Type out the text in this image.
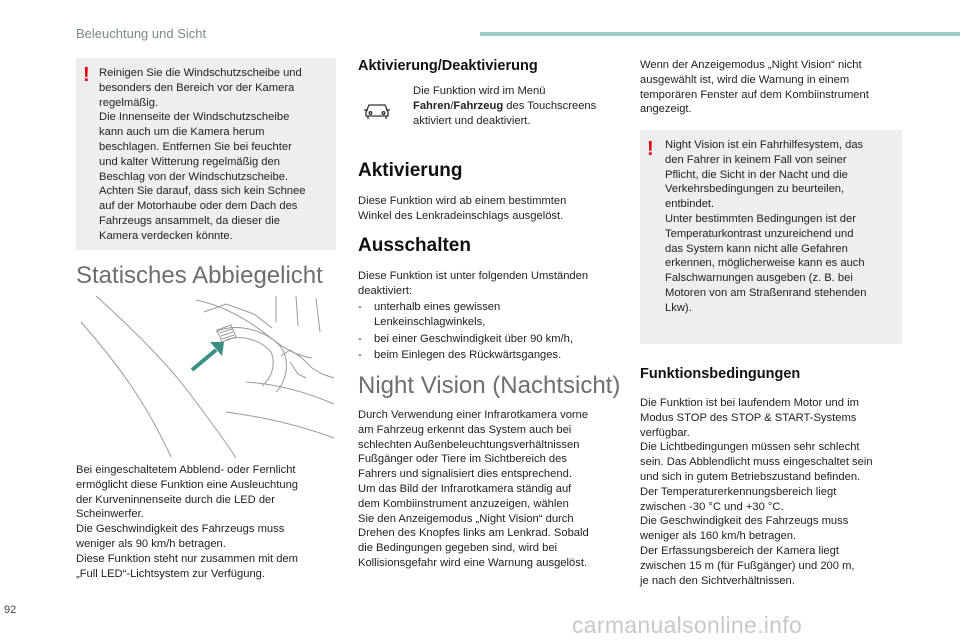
Beleuchtung und Sicht
! Reinigen Sie die Windschutzscheibe und
besonders den Bereich vor der Kamera
regelmäßig.
Die Innenseite der Windschutzscheibe
kann auch um die Kamera herum
beschlagen. Entfernen Sie bei feuchter
und kalter Witterung regelmäßig den
Beschlag von der Windschutzscheibe.
Achten Sie darauf, dass sich kein Schnee
auf der Motorhaube oder dem Dach des
Fahrzeugs ansammelt, da dieser die
Kamera verdecken könnte.

Statisches Abbiegelicht

Bei eingeschaltetem Abblend- oder Fernlicht
ermöglicht diese Funktion eine Ausleuchtung
der Kurveninnenseite durch die LED der
Scheinwerfer.
Die Geschwindigkeit des Fahrzeugs muss
weniger als 90 km/h betragen.
Diese Funktion steht nur zusammen mit dem
„Full LED“-Lichtsystem zur Verfügung.

Aktivierung/Deaktivierung

Die Funktion wird im Menü Fahren/Fahrzeug des Touchscreens
aktiviert und deaktiviert.

Aktivierung

Diese Funktion wird ab einem bestimmten
Winkel des Lenkradeinschlags ausgelöst.

Ausschalten

Diese Funktion ist unter folgenden Umständen
deaktiviert:

- unterhalb eines gewissen
Lenkeinschlagwinkels,
- bei einer Geschwindigkeit über 90 km/h,
- beim Einlegen des Rückwärtsganges.
Night Vision (Nachtsicht)

Durch Verwendung einer Infrarotkamera vorne
am Fahrzeug erkennt das System auch bei
schlechten Außenbeleuchtungsverhältnissen
Fußgänger oder Tiere im Sichtbereich des
Fahrers und signalisiert dies entsprechend.
Um das Bild der Infrarotkamera ständig auf
dem Kombiinstrument anzuzeigen, wählen
Sie den Anzeigemodus „Night Vision“ durch
Drehen des Knopfes links am Lenkrad. Sobald
die Bedingungen gegeben sind, wird bei
Kollisionsgefahr wird eine Warnung ausgelöst.

Wenn der Anzeigemodus „Night Vision“ nicht
ausgewählt ist, wird die Warnung in einem
temporären Fenster auf dem Kombiinstrument
angezeigt.

! Night Vision ist ein Fahrhilfesystem, das
den Fahrer in keinem Fall von seiner
Pflicht, die Sicht in der Nacht und die
Verkehrsbedingungen zu beurteilen,
entbindet.
Unter bestimmten Bedingungen ist der
Temperaturkontrast unzureichend und
das System kann nicht alle Gefahren
erkennen, möglicherweise kann es auch
Falschwarnungen ausgeben (z. B. bei
Motoren von am Straßenrand stehenden
Lkw).

Funktionsbedingungen

Die Funktion ist bei laufendem Motor und im
Modus STOP des STOP & START-Systems
verfügbar.
Die Lichtbedingungen müssen sehr schlecht
sein. Das Abblendlicht muss eingeschaltet sein
und sich in gutem Betriebszustand befinden.
Der Temperaturerkennungsbereich liegt
zwischen -30 °C und +30 °C.
Die Geschwindigkeit des Fahrzeugs muss
weniger als 160 km/h betragen.
Der Erfassungsbereich der Kamera liegt
zwischen 15 m (für Fußgänger) und 200 m,
je nach den Sichtverhältnissen.

92
carmanualsonline.info
